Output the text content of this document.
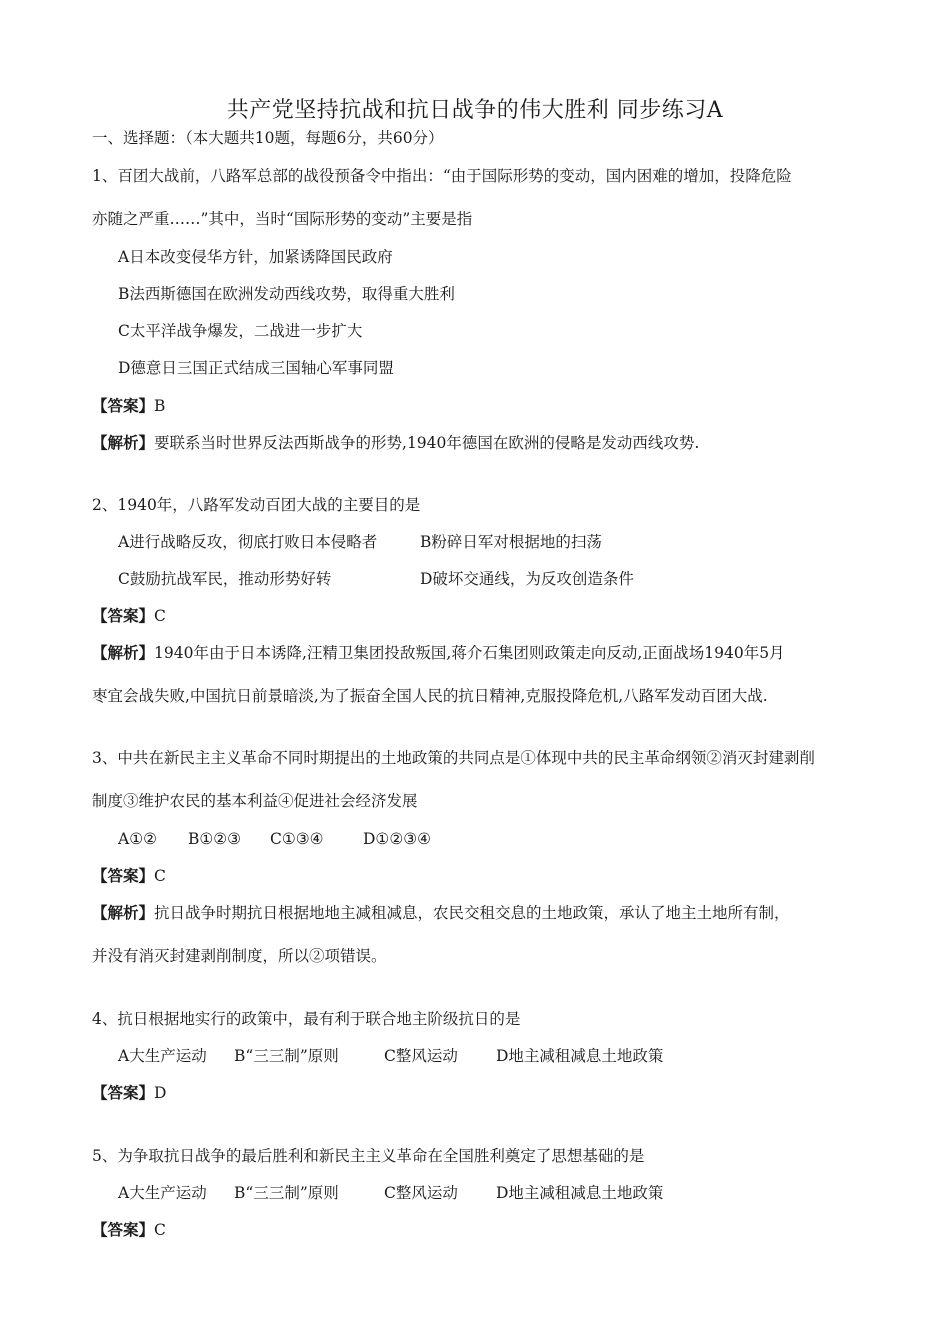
共产党坚持抗战和抗日战争的伟大胜利 同步练习A
一、选择题：（本大题共10题，每题6分，共60分）
1、百团大战前，八路军总部的战役预备令中指出：“由于国际形势的变动，国内困难的增加，投降危险
亦随之严重……”其中，当时“国际形势的变动”主要是指
A日本改变侵华方针，加紧诱降国民政府
B法西斯德国在欧洲发动西线攻势，取得重大胜利
C太平洋战争爆发，二战进一步扩大
D德意日三国正式结成三国轴心军事同盟
【答案】B
【解析】要联系当时世界反法西斯战争的形势,1940年德国在欧洲的侵略是发动西线攻势.
2、1940年，八路军发动百团大战的主要目的是
A进行战略反攻，彻底打败日本侵略者	B粉碎日军对根据地的扫荡
C鼓励抗战军民，推动形势好转	D破坏交通线，为反攻创造条件
【答案】C
【解析】1940年由于日本诱降,汪精卫集团投敌叛国,蒋介石集团则政策走向反动,正面战场1940年5月
枣宜会战失败,中国抗日前景暗淡,为了振奋全国人民的抗日精神,克服投降危机,八路军发动百团大战.
3、中共在新民主主义革命不同时期提出的土地政策的共同点是①体现中共的民主革命纲领②消灭封建剥削
制度③维护农民的基本利益④促进社会经济发展
A①② B①②③ C①③④	D①②③④
【答案】C
【解析】抗日战争时期抗日根据地地主减租减息，农民交租交息的土地政策，承认了地主土地所有制，
并没有消灭封建剥削制度，所以②项错误。
4、抗日根据地实行的政策中，最有利于联合地主阶级抗日的是
A大生产运动 B“三三制”原则	C整风运动 D地主减租减息土地政策
【答案】D
5、为争取抗日战争的最后胜利和新民主主义革命在全国胜利奠定了思想基础的是
A大生产运动 B“三三制”原则	C整风运动 D地主减租减息土地政策
【答案】C
